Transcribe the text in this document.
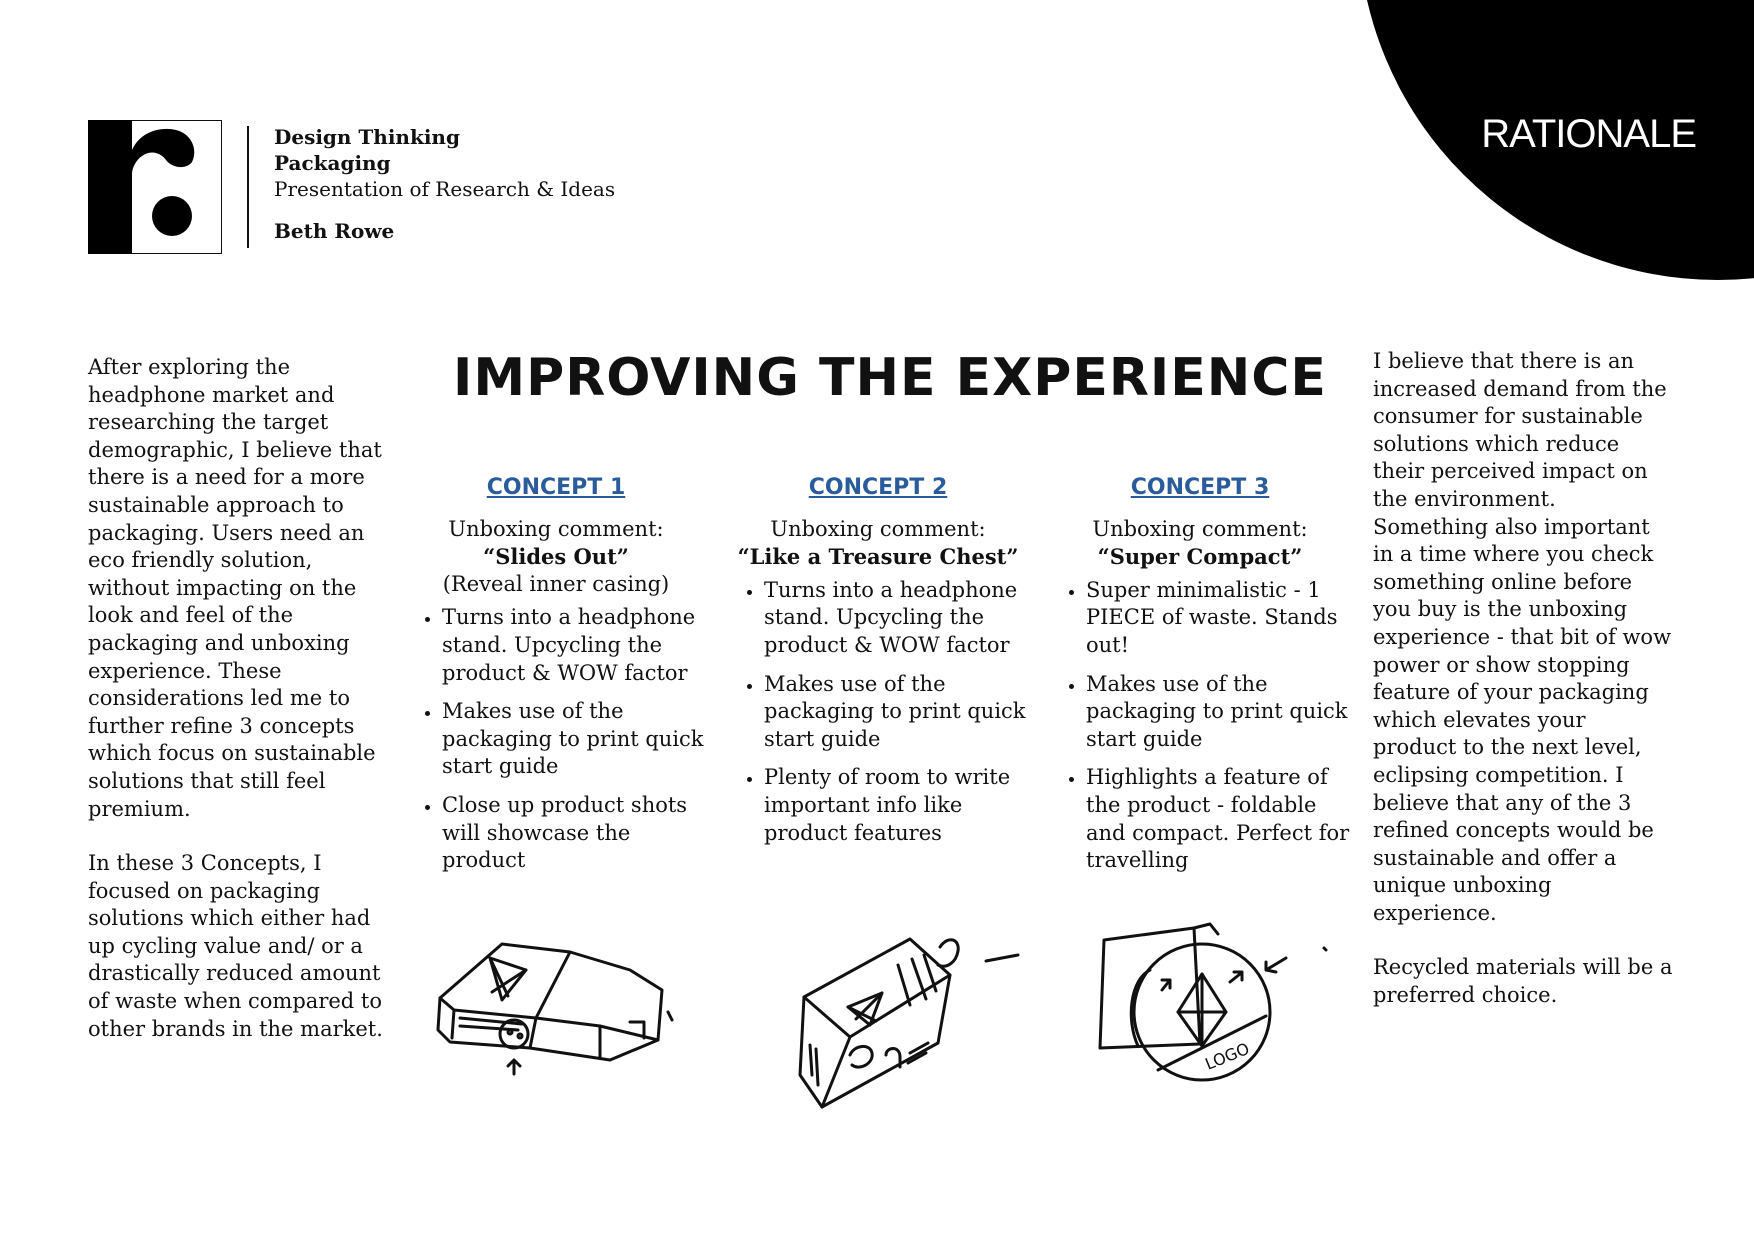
RATIONALE
Design Thinking
Packaging
Presentation of Research & Ideas
Beth Rowe

After exploring the headphone market and researching the target demographic, I believe that there is a need for a more sustainable approach to packaging. Users need an eco friendly solution, without impacting on the look and feel of the packaging and unboxing experience. These considerations led me to further refine 3 concepts which focus on sustainable solutions that still feel premium.

In these 3 Concepts, I focused on packaging solutions which either had up cycling value and/ or a drastically reduced amount of waste when compared to other brands in the market.

IMPROVING THE EXPERIENCE
CONCEPT 1
Unboxing comment:
“Slides Out”
(Reveal inner casing)
• Turns into a headphone stand. Upcycling the product & WOW factor
• Makes use of the packaging to print quick start guide
• Close up product shots will showcase the product
CONCEPT 2
Unboxing comment:
“Like a Treasure Chest”
• Turns into a headphone stand. Upcycling the product & WOW factor
• Makes use of the packaging to print quick start guide
• Plenty of room to write important info like product features
CONCEPT 3
Unboxing comment:
“Super Compact”
• Super minimalistic - 1 PIECE of waste. Stands out!
• Makes use of the packaging to print quick start guide
• Highlights a feature of the product - foldable and compact. Perfect for travelling

I believe that there is an increased demand from the consumer for sustainable solutions which reduce their perceived impact on the environment. Something also important in a time where you check something online before you buy is the unboxing experience - that bit of wow power or show stopping feature of your packaging which elevates your product to the next level, eclipsing competition. I believe that any of the 3 refined concepts would be sustainable and offer a unique unboxing experience.

Recycled materials will be a preferred choice.

LOGO
